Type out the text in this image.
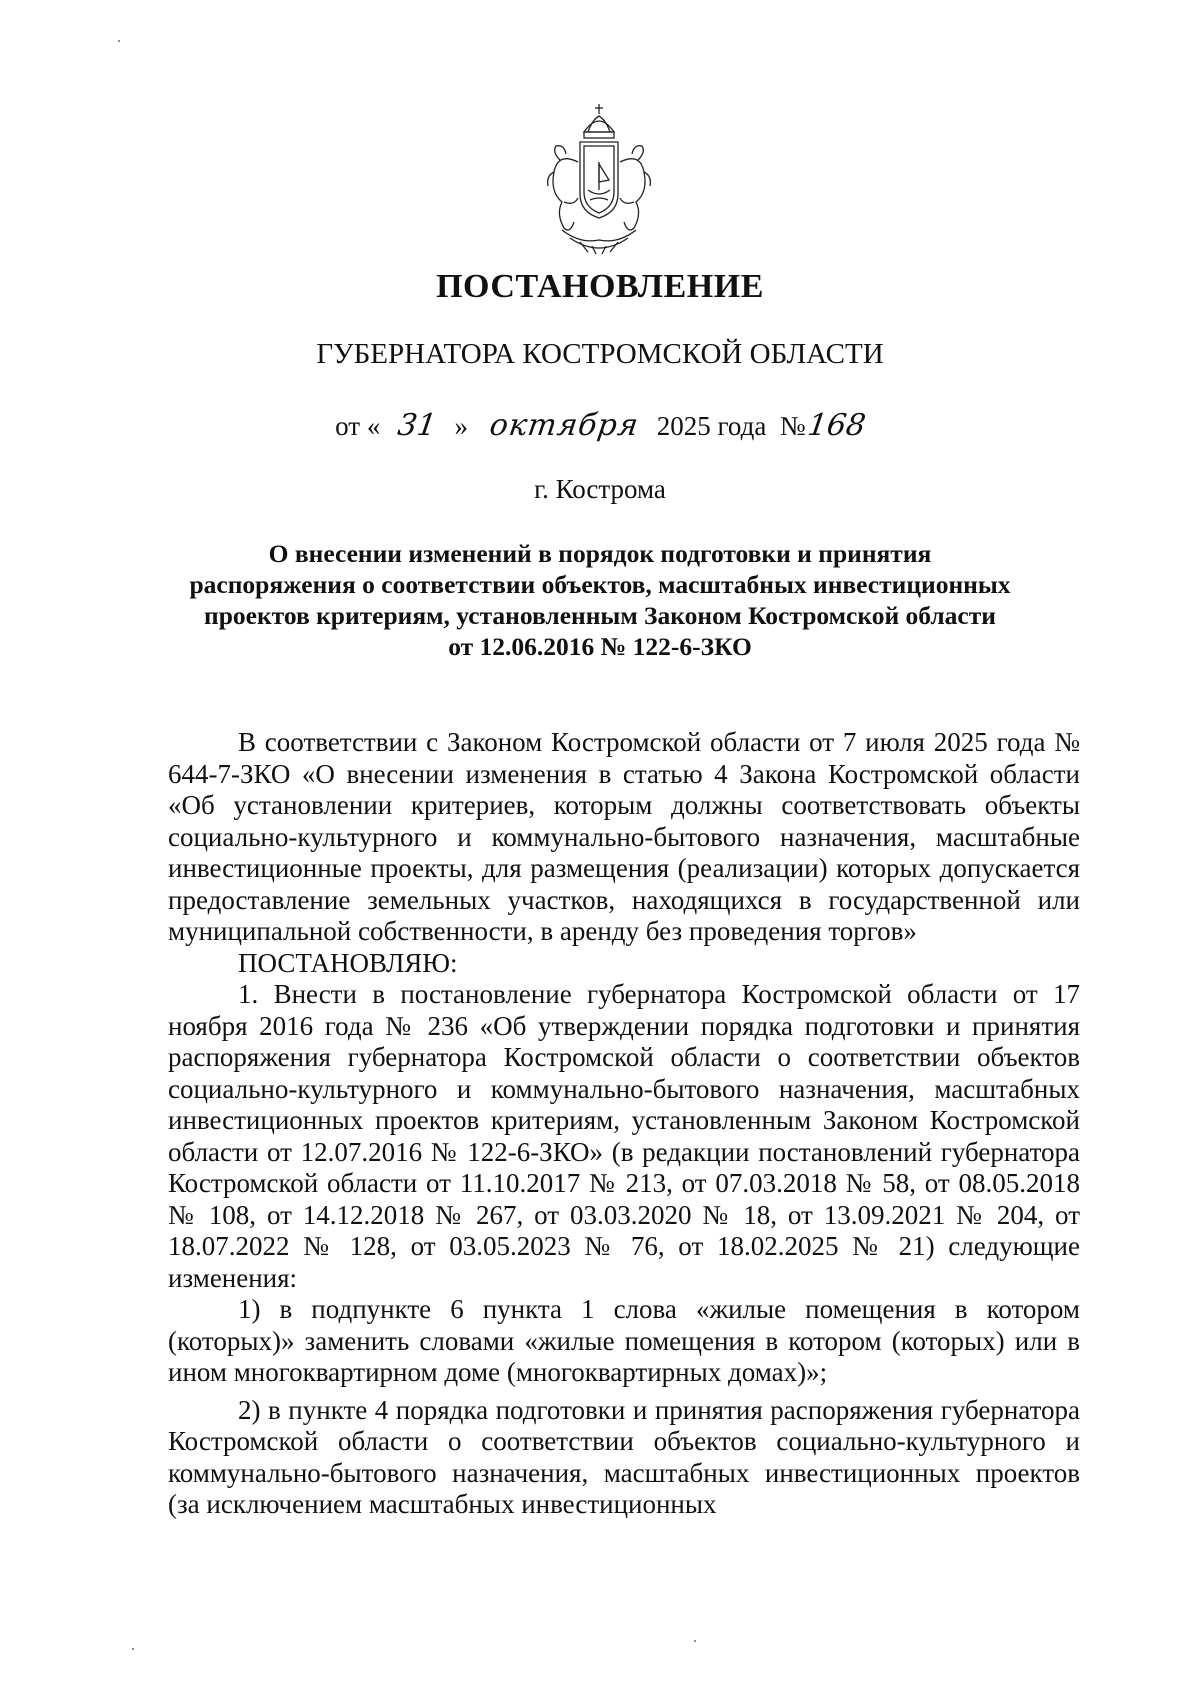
ПОСТАНОВЛЕНИЕ
ГУБЕРНАТОРА КОСТРОМСКОЙ ОБЛАСТИ
от « 31 » октября 2025 года №168
г. Кострома
О внесении изменений в порядок подготовки и принятия
распоряжения о соответствии объектов, масштабных инвестиционных
проектов критериям, установленным Законом Костромской области
от 12.06.2016 № 122-6-ЗКО

В соответствии с Законом Костромской области от 7 июля 2025 года № 644-7-ЗКО «О внесении изменения в статью 4 Закона Костромской области «Об установлении критериев, которым должны соответствовать объекты социально-культурного и коммунально-бытового назначения, масштабные инвестиционные проекты, для размещения (реализации) которых допускается предоставление земельных участков, находящихся в государственной или муниципальной собственности, в аренду без проведения торгов»

ПОСТАНОВЛЯЮ:

1. Внести в постановление губернатора Костромской области от 17 ноября 2016 года № 236 «Об утверждении порядка подготовки и принятия распоряжения губернатора Костромской области о соответствии объектов социально-культурного и коммунально-бытового назначения, масштабных инвестиционных проектов критериям, установленным Законом Костромской области от 12.07.2016 № 122-6-ЗКО» (в редакции постановлений губернатора Костромской области от 11.10.2017 № 213, от 07.03.2018 № 58, от 08.05.2018 № 108, от 14.12.2018 № 267, от 03.03.2020 № 18, от 13.09.2021 № 204, от 18.07.2022 № 128, от 03.05.2023 № 76, от 18.02.2025 № 21) следующие изменения:

1) в подпункте 6 пункта 1 слова «жилые помещения в котором (которых)» заменить словами «жилые помещения в котором (которых) или в ином многоквартирном доме (многоквартирных домах)»;

2) в пункте 4 порядка подготовки и принятия распоряжения губернатора Костромской области о соответствии объектов социально-культурного и коммунально-бытового назначения, масштабных инвестиционных проектов (за исключением масштабных инвестиционных
